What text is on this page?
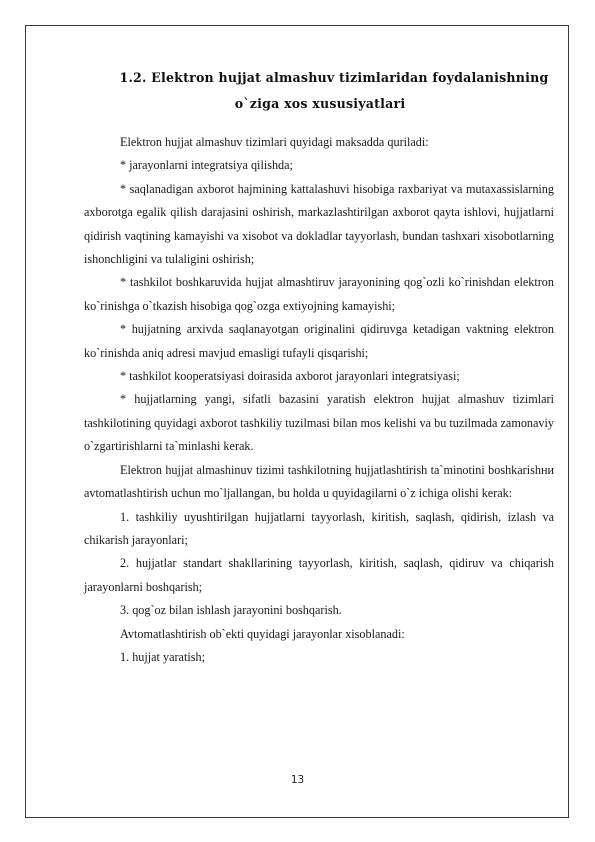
1.2. Elektron hujjat almashuv tizimlaridan foydalanishning
o`ziga xos xususiyatlari

Elektron hujjat almashuv tizimlari quyidagi maksadda quriladi:

* jarayonlarni integratsiya qilishda;

* saqlanadigan axborot hajmining kattalashuvi hisobiga raxbariyat va mutaxassislarning axborotga egalik qilish darajasini oshirish, markazlashtirilgan axborot qayta ishlovi, hujjatlarni qidirish vaqtining kamayishi va xisobot va dokladlar tayyorlash, bundan tashxari xisobotlarning ishonchligini va tulaligini oshirish;

* tashkilot boshkaruvida hujjat almashtiruv jarayonining qog`ozli ko`rinishdan elektron ko`rinishga o`tkazish hisobiga qog`ozga extiyojning kamayishi;

* hujjatning arxivda saqlanayotgan originalini qidiruvga ketadigan vaktning elektron ko`rinishda aniq adresi mavjud emasligi tufayli qisqarishi;

* tashkilot kooperatsiyasi doirasida axborot jarayonlari integratsiyasi;

* hujjatlarning yangi, sifatli bazasini yaratish elektron hujjat almashuv tizimlari tashkilotining quyidagi axborot tashkiliy tuzilmasi bilan mos kelishi va bu tuzilmada zamonaviy o`zgartirishlarni ta`minlashi kerak.

Elektron hujjat almashinuv tizimi tashkilotning hujjatlashtirish ta`minotini boshkarishни avtomatlashtirish uchun mo`ljallangan, bu holda u quyidagilarni o`z ichiga olishi kerak:

1. tashkiliy uyushtirilgan hujjatlarni tayyorlash, kiritish, saqlash, qidirish, izlash va chikarish jarayonlari;

2. hujjatlar standart shakllarining tayyorlash, kiritish, saqlash, qidiruv va chiqarish jarayonlarni boshqarish;

3. qog`oz bilan ishlash jarayonini boshqarish.

Avtomatlashtirish ob`ekti quyidagi jarayonlar xisoblanadi:

1. hujjat yaratish;

13
